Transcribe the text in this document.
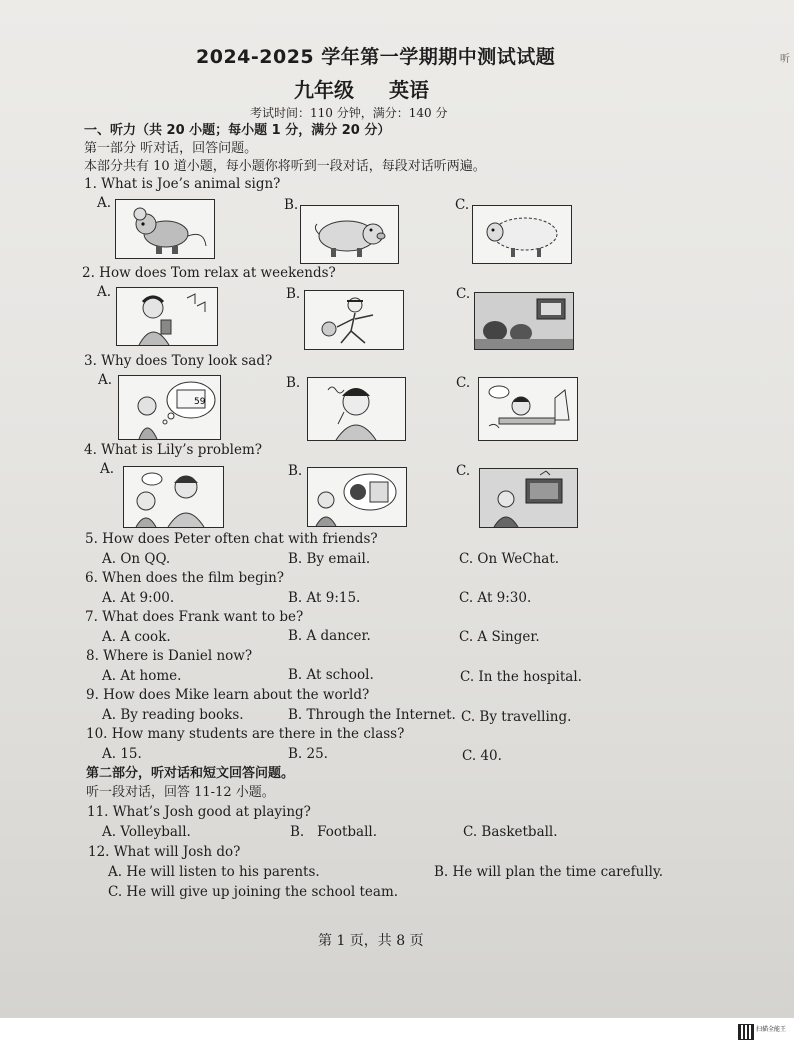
2024-2025 学年第一学期期中测试试题
九年级 英语
考试时间：110 分钟，满分：140 分
听
一、听力（共 20 小题；每小题 1 分，满分 20 分）
第一部分 听对话，回答问题。
本部分共有 10 道小题，每小题你将听到一段对话，每段对话听两遍。
1. What is Joe’s animal sign?
A.	B.	C.
2. How does Tom relax at weekends?
A.	B.	C.
3. Why does Tony look sad?
A.
59
B.	C.
4. What is Lily’s problem?
A.	B.	C.
5. How does Peter often chat with friends?
A. On QQ.	B. By email.	C. On WeChat.
6. When does the film begin?
A. At 9:00.	B. At 9:15.	C. At 9:30.
7. What does Frank want to be?
A. A cook.	B. A dancer.	C. A Singer.
8. Where is Daniel now?
A. At home.	B. At school.	C. In the hospital.
9. How does Mike learn about the world?
A. By reading books.	B. Through the Internet. C. By travelling.
10. How many students are there in the class?
A. 15.	B. 25.	C. 40.
第二部分，听对话和短文回答问题。
听一段对话，回答 11-12 小题。
11. What’s Josh good at playing?
A. Volleyball.	B.   Football.	C. Basketball.
12. What will Josh do?
A. He will listen to his parents.	B. He will plan the time carefully.
C. He will give up joining the school team.
第 1 页，共 8 页
扫描全能王
